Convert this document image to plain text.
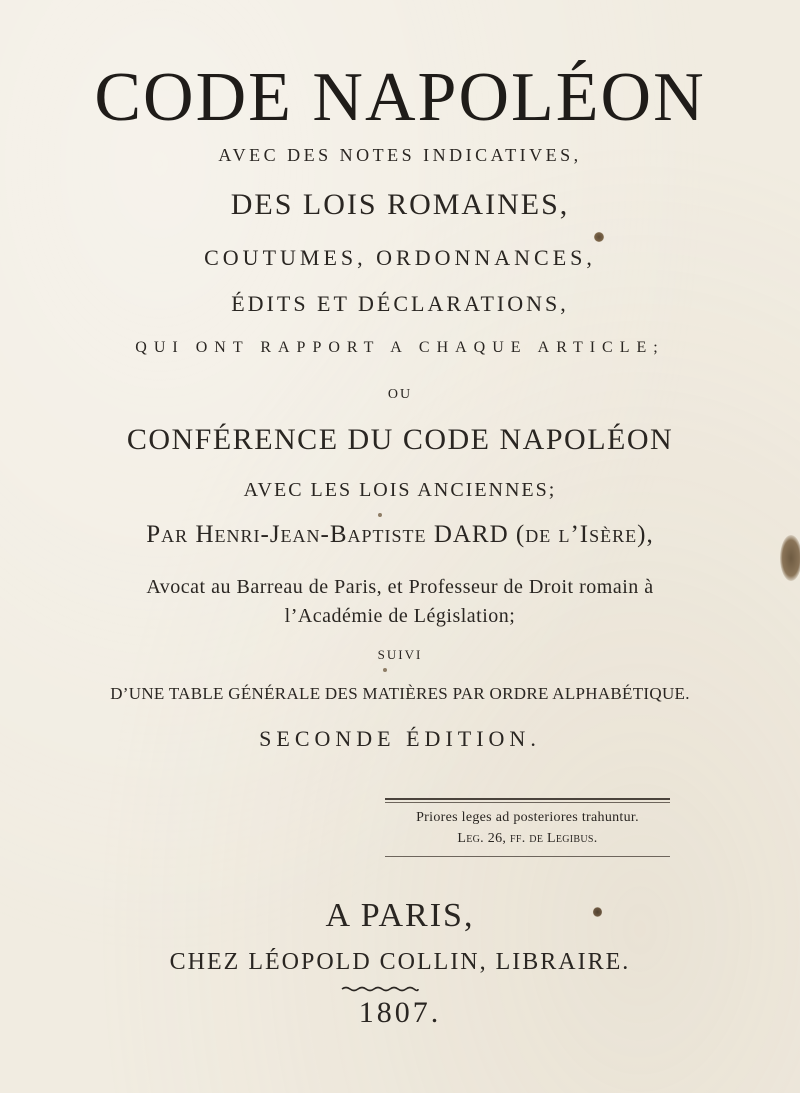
CODE NAPOLÉON
AVEC DES NOTES INDICATIVES,
DES LOIS ROMAINES,
COUTUMES, ORDONNANCES,
ÉDITS ET DÉCLARATIONS,
QUI ONT RAPPORT A CHAQUE ARTICLE;
OU
CONFÉRENCE DU CODE NAPOLÉON
AVEC LES LOIS ANCIENNES;
Par Henri-Jean-Baptiste DARD (de l’Isère),
Avocat au Barreau de Paris, et Professeur de Droit romain à
l’Académie de Législation;
SUIVI
D’UNE TABLE GÉNÉRALE DES MATIÈRES PAR ORDRE ALPHABÉTIQUE.
SECONDE ÉDITION.
Priores leges ad posteriores trahuntur.
Leg. 26, ff. de Legibus.
A PARIS,
CHEZ LÉOPOLD COLLIN, LIBRAIRE.
1807.
